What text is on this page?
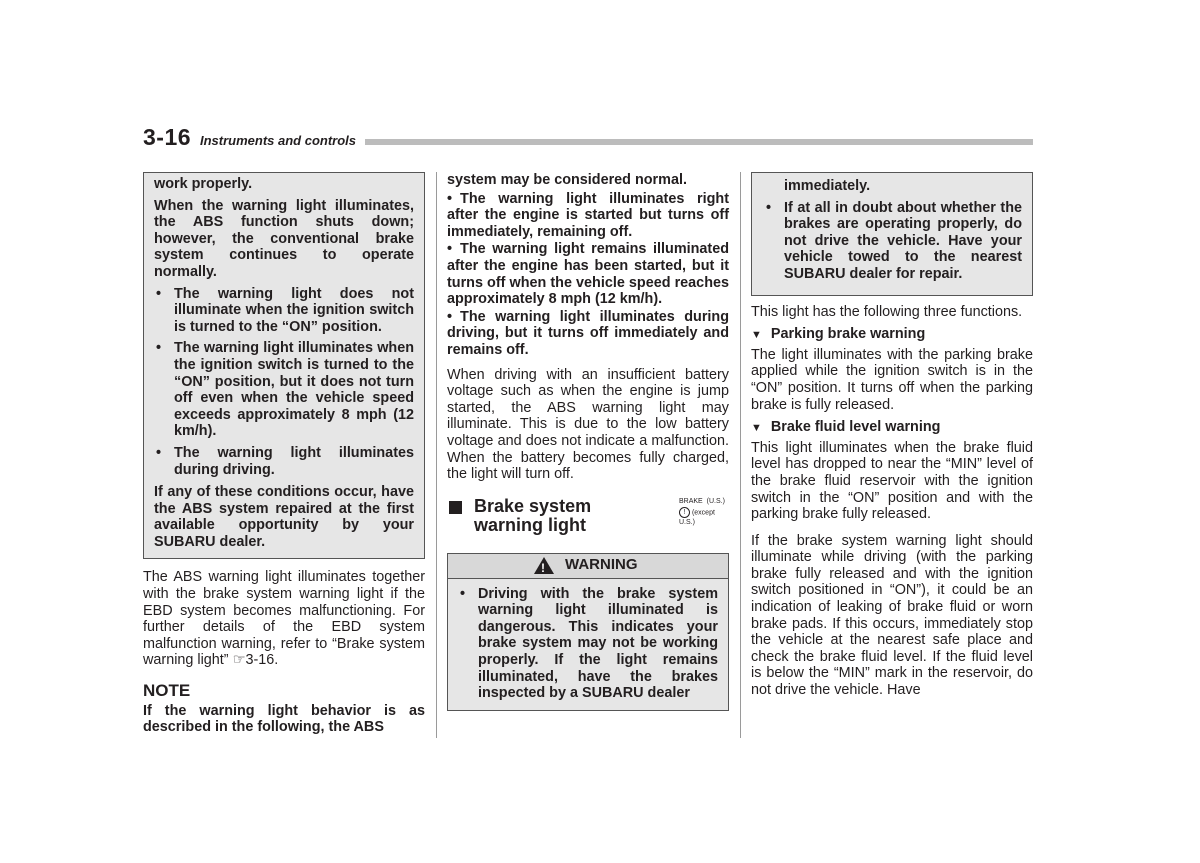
3-16 Instruments and controls

work properly.

When the warning light illuminates, the ABS function shuts down; however, the conventional brake system continues to operate normally.

• The warning light does not illuminate when the ignition switch is turned to the “ON” position.
• The warning light illuminates when the ignition switch is turned to the “ON” position, but it does not turn off even when the vehicle speed exceeds approximately 8 mph (12 km/h).
• The warning light illuminates during driving.

If any of these conditions occur, have the ABS system repaired at the first available opportunity by your SUBARU dealer.

The ABS warning light illuminates together with the brake system warning light if the EBD system becomes malfunctioning. For further details of the EBD system malfunction warning, refer to “Brake system warning light” ☞3-16.

NOTE

If the warning light behavior is as described in the following, the ABS

system may be considered normal.

• The warning light illuminates right after the engine is started but turns off immediately, remaining off.

• The warning light remains illuminated after the engine has been started, but it turns off when the vehicle speed reaches approximately 8 mph (12 km/h).

• The warning light illuminates during driving, but it turns off immediately and remains off.

When driving with an insufficient battery voltage such as when the engine is jump started, the ABS warning light may illuminate. This is due to the low battery voltage and does not indicate a malfunction. When the battery becomes fully charged, the light will turn off.

Brake system
warning light
BRAKE (U.S.)
! (except U.S.)
! WARNING
• Driving with the brake system warning light illuminated is dangerous. This indicates your brake system may not be working properly. If the light remains illuminated, have the brakes inspected by a SUBARU dealer

immediately.

• If at all in doubt about whether the brakes are operating properly, do not drive the vehicle. Have your vehicle towed to the nearest SUBARU dealer for repair.

This light has the following three functions.

▼ Parking brake warning

The light illuminates with the parking brake applied while the ignition switch is in the “ON” position. It turns off when the parking brake is fully released.

▼ Brake fluid level warning

This light illuminates when the brake fluid level has dropped to near the “MIN” level of the brake fluid reservoir with the ignition switch in the “ON” position and with the parking brake fully released.

If the brake system warning light should illuminate while driving (with the parking brake fully released and with the ignition switch positioned in “ON”), it could be an indication of leaking of brake fluid or worn brake pads. If this occurs, immediately stop the vehicle at the nearest safe place and check the brake fluid level. If the fluid level is below the “MIN” mark in the reservoir, do not drive the vehicle. Have
